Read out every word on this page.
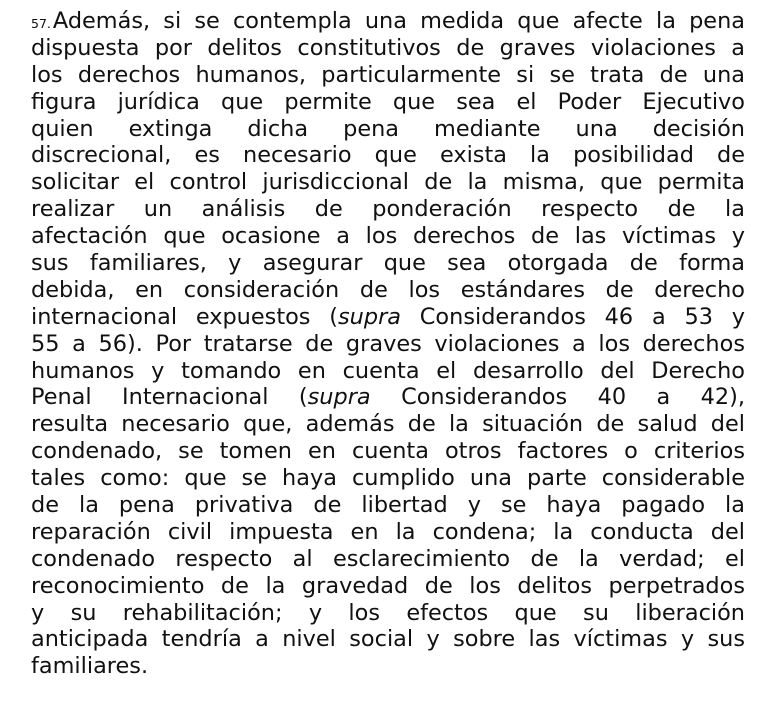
57.Además, si se contempla una medida que afecte la pena
dispuesta por delitos constitutivos de graves violaciones a
los derechos humanos, particularmente si se trata de una
figura jurídica que permite que sea el Poder Ejecutivo
quien extinga dicha pena mediante una decisión
discrecional, es necesario que exista la posibilidad de
solicitar el control jurisdiccional de la misma, que permita
realizar un análisis de ponderación respecto de la
afectación que ocasione a los derechos de las víctimas y
sus familiares, y asegurar que sea otorgada de forma
debida, en consideración de los estándares de derecho
internacional expuestos (supra Considerandos 46 a 53 y
55 a 56). Por tratarse de graves violaciones a los derechos
humanos y tomando en cuenta el desarrollo del Derecho
Penal Internacional (supra Considerandos 40 a 42),
resulta necesario que, además de la situación de salud del
condenado, se tomen en cuenta otros factores o criterios
tales como: que se haya cumplido una parte considerable
de la pena privativa de libertad y se haya pagado la
reparación civil impuesta en la condena; la conducta del
condenado respecto al esclarecimiento de la verdad; el
reconocimiento de la gravedad de los delitos perpetrados
y su rehabilitación; y los efectos que su liberación
anticipada tendría a nivel social y sobre las víctimas y sus
familiares.
